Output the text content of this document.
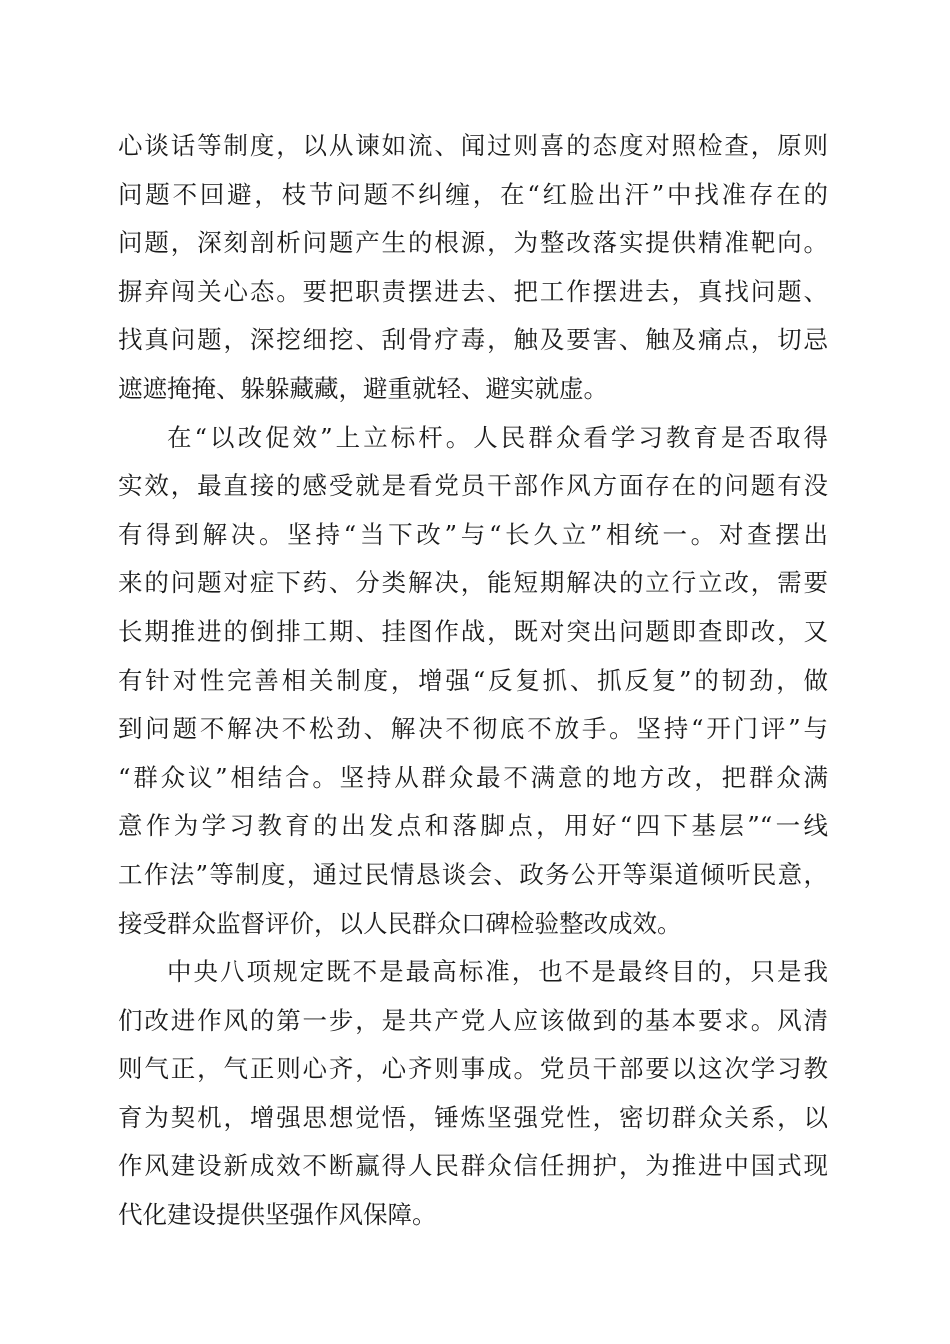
心谈话等制度，以从谏如流、闻过则喜的态度对照检查，原则
问题不回避，枝节问题不纠缠，在“红脸出汗”中找准存在的
问题，深刻剖析问题产生的根源，为整改落实提供精准靶向。
摒弃闯关心态。要把职责摆进去、把工作摆进去，真找问题、
找真问题，深挖细挖、刮骨疗毒，触及要害、触及痛点，切忌
遮遮掩掩、躲躲藏藏，避重就轻、避实就虚。
在“以改促效”上立标杆。人民群众看学习教育是否取得
实效，最直接的感受就是看党员干部作风方面存在的问题有没
有得到解决。坚持“当下改”与“长久立”相统一。对查摆出
来的问题对症下药、分类解决，能短期解决的立行立改，需要
长期推进的倒排工期、挂图作战，既对突出问题即查即改，又
有针对性完善相关制度，增强“反复抓、抓反复”的韧劲，做
到问题不解决不松劲、解决不彻底不放手。坚持“开门评”与
“群众议”相结合。坚持从群众最不满意的地方改，把群众满
意作为学习教育的出发点和落脚点，用好“四下基层”“一线
工作法”等制度，通过民情恳谈会、政务公开等渠道倾听民意，
接受群众监督评价，以人民群众口碑检验整改成效。
中央八项规定既不是最高标准，也不是最终目的，只是我
们改进作风的第一步，是共产党人应该做到的基本要求。风清
则气正，气正则心齐，心齐则事成。党员干部要以这次学习教
育为契机，增强思想觉悟，锤炼坚强党性，密切群众关系，以
作风建设新成效不断赢得人民群众信任拥护，为推进中国式现
代化建设提供坚强作风保障。
